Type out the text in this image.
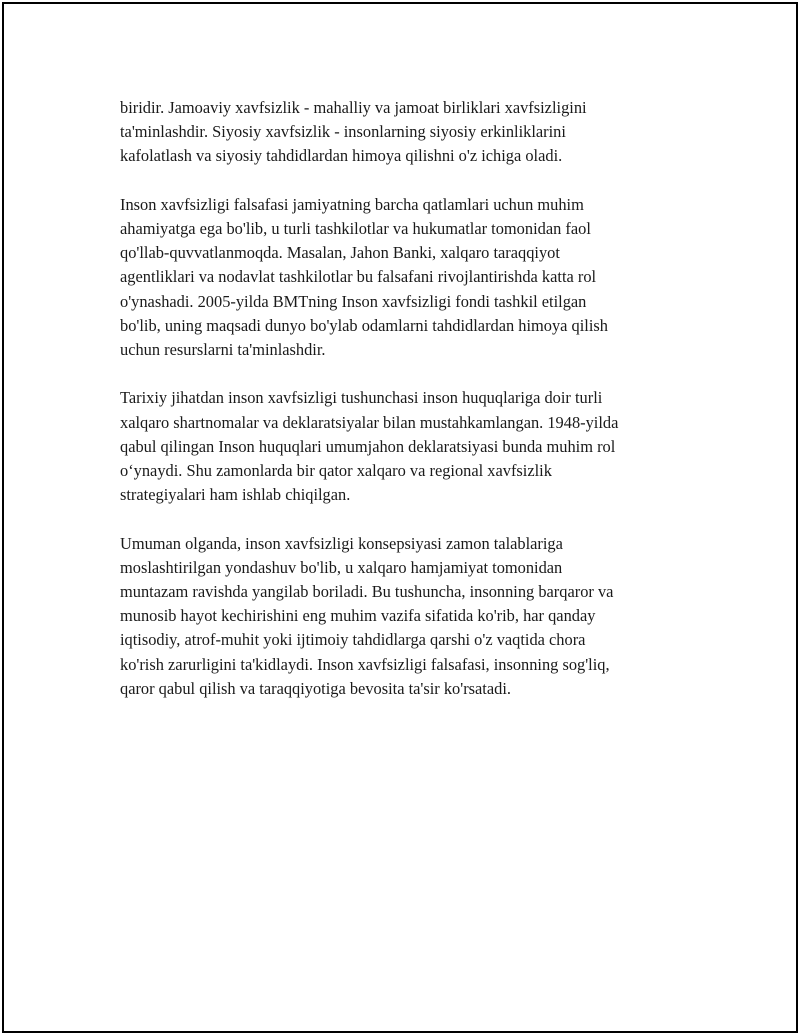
biridir. Jamoaviy xavfsizlik - mahalliy va jamoat birliklari xavfsizligini
ta'minlashdir. Siyosiy xavfsizlik - insonlarning siyosiy erkinliklarini
kafolatlash va siyosiy tahdidlardan himoya qilishni o'z ichiga oladi.

Inson xavfsizligi falsafasi jamiyatning barcha qatlamlari uchun muhim
ahamiyatga ega bo'lib, u turli tashkilotlar va hukumatlar tomonidan faol
qo'llab-quvvatlanmoqda. Masalan, Jahon Banki, xalqaro taraqqiyot
agentliklari va nodavlat tashkilotlar bu falsafani rivojlantirishda katta rol
o'ynashadi. 2005-yilda BMTning Inson xavfsizligi fondi tashkil etilgan
bo'lib, uning maqsadi dunyo bo'ylab odamlarni tahdidlardan himoya qilish
uchun resurslarni ta'minlashdir.

Tarixiy jihatdan inson xavfsizligi tushunchasi inson huquqlariga doir turli
xalqaro shartnomalar va deklaratsiyalar bilan mustahkamlangan. 1948-yilda
qabul qilingan Inson huquqlari umumjahon deklaratsiyasi bunda muhim rol
o‘ynaydi. Shu zamonlarda bir qator xalqaro va regional xavfsizlik
strategiyalari ham ishlab chiqilgan.

Umuman olganda, inson xavfsizligi konsepsiyasi zamon talablariga
moslashtirilgan yondashuv bo'lib, u xalqaro hamjamiyat tomonidan
muntazam ravishda yangilab boriladi. Bu tushuncha, insonning barqaror va
munosib hayot kechirishini eng muhim vazifa sifatida ko'rib, har qanday
iqtisodiy, atrof-muhit yoki ijtimoiy tahdidlarga qarshi o'z vaqtida chora
ko'rish zarurligini ta'kidlaydi. Inson xavfsizligi falsafasi, insonning sog'liq,
qaror qabul qilish va taraqqiyotiga bevosita ta'sir ko'rsatadi.
